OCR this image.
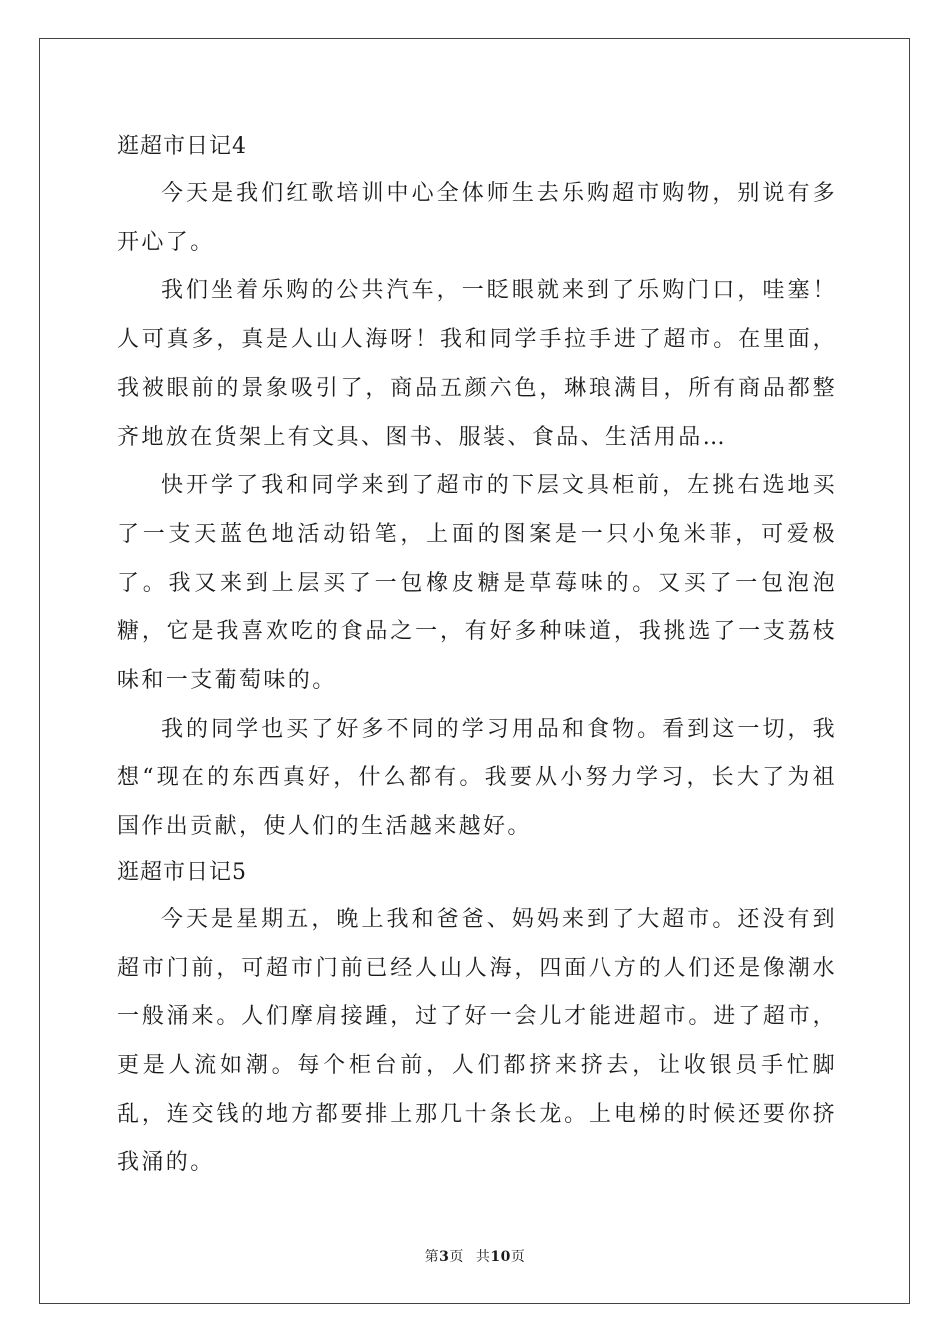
逛超市日记4

今天是我们红歌培训中心全体师生去乐购超市购物，别说有多开心了。

我们坐着乐购的公共汽车，一眨眼就来到了乐购门口，哇塞！人可真多，真是人山人海呀！我和同学手拉手进了超市。在里面，我被眼前的景象吸引了，商品五颜六色，琳琅满目，所有商品都整齐地放在货架上有文具、图书、服装、食品、生活用品…

快开学了我和同学来到了超市的下层文具柜前，左挑右选地买了一支天蓝色地活动铅笔，上面的图案是一只小兔米菲，可爱极了。我又来到上层买了一包橡皮糖是草莓味的。又买了一包泡泡糖，它是我喜欢吃的食品之一，有好多种味道，我挑选了一支荔枝味和一支葡萄味的。

我的同学也买了好多不同的学习用品和食物。看到这一切，我想“现在的东西真好，什么都有。我要从小努力学习，长大了为祖国作出贡献，使人们的生活越来越好。

逛超市日记5

今天是星期五，晚上我和爸爸、妈妈来到了大超市。还没有到超市门前，可超市门前已经人山人海，四面八方的人们还是像潮水一般涌来。人们摩肩接踵，过了好一会儿才能进超市。进了超市，更是人流如潮。每个柜台前，人们都挤来挤去，让收银员手忙脚乱，连交钱的地方都要排上那几十条长龙。上电梯的时候还要你挤我涌的。

第3页 共10页
